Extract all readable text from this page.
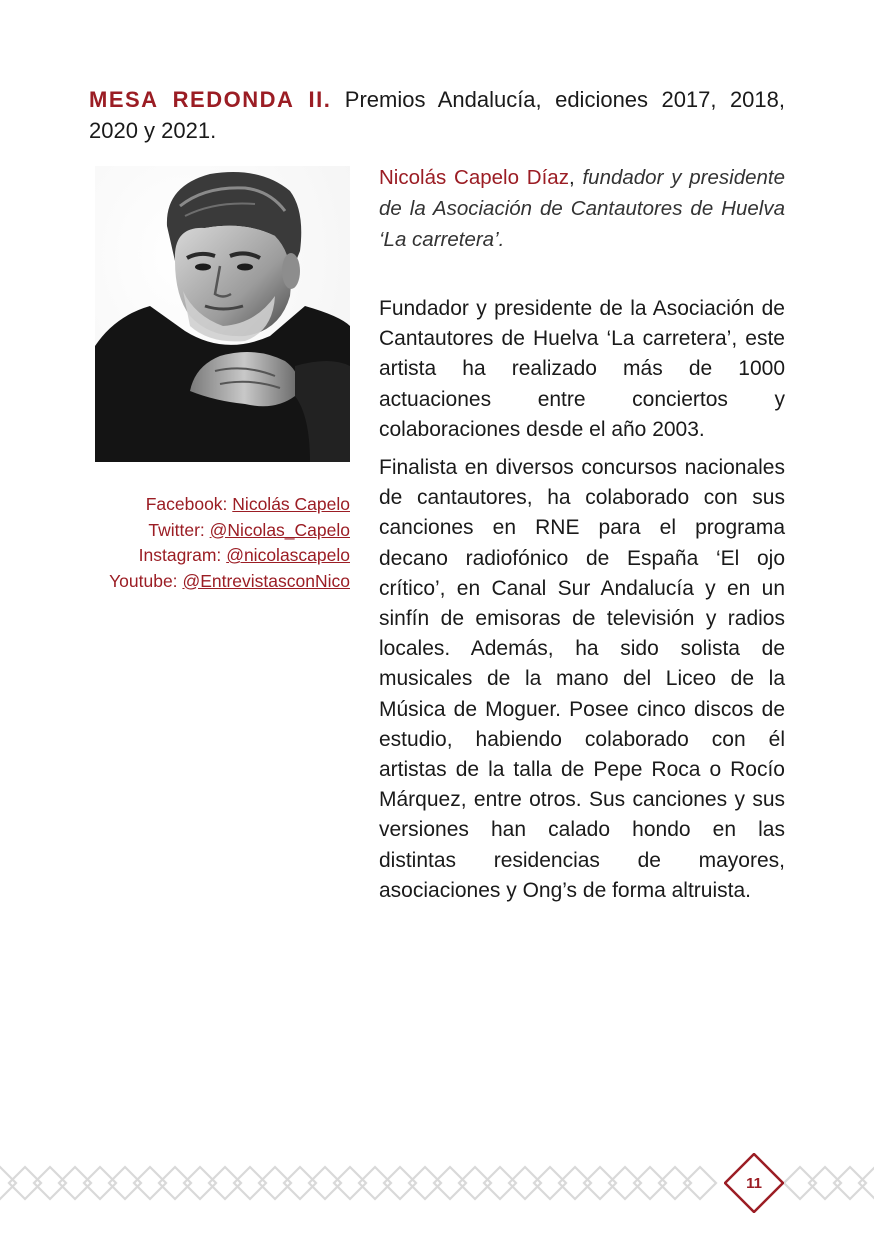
MESA REDONDA II. Premios Andalucía, ediciones 2017, 2018, 2020 y 2021.
Facebook: Nicolás Capelo
Twitter: @Nicolas_Capelo
Instagram: @nicolascapelo
Youtube: @EntrevistasconNico
Nicolás Capelo Díaz, fundador y presidente de la Asociación de Cantautores de Huelva ‘La carretera’.

Fundador y presidente de la Asociación de Cantautores de Huelva ‘La carretera’, este artista ha realizado más de 1000 actuaciones entre conciertos y colaboraciones desde el año 2003.

Finalista en diversos concursos nacionales de cantautores, ha colaborado con sus canciones en RNE para el programa decano radiofónico de España ‘El ojo crítico’, en Canal Sur Andalucía y en un sinfín de emisoras de televisión y radios locales. Además, ha sido solista de musicales de la mano del Liceo de la Música de Moguer. Posee cinco discos de estudio, habiendo colaborado con él artistas de la talla de Pepe Roca o Rocío Márquez, entre otros. Sus canciones y sus versiones han calado hondo en las distintas residencias de mayores, asociaciones y Ong’s de forma altruista.

11
